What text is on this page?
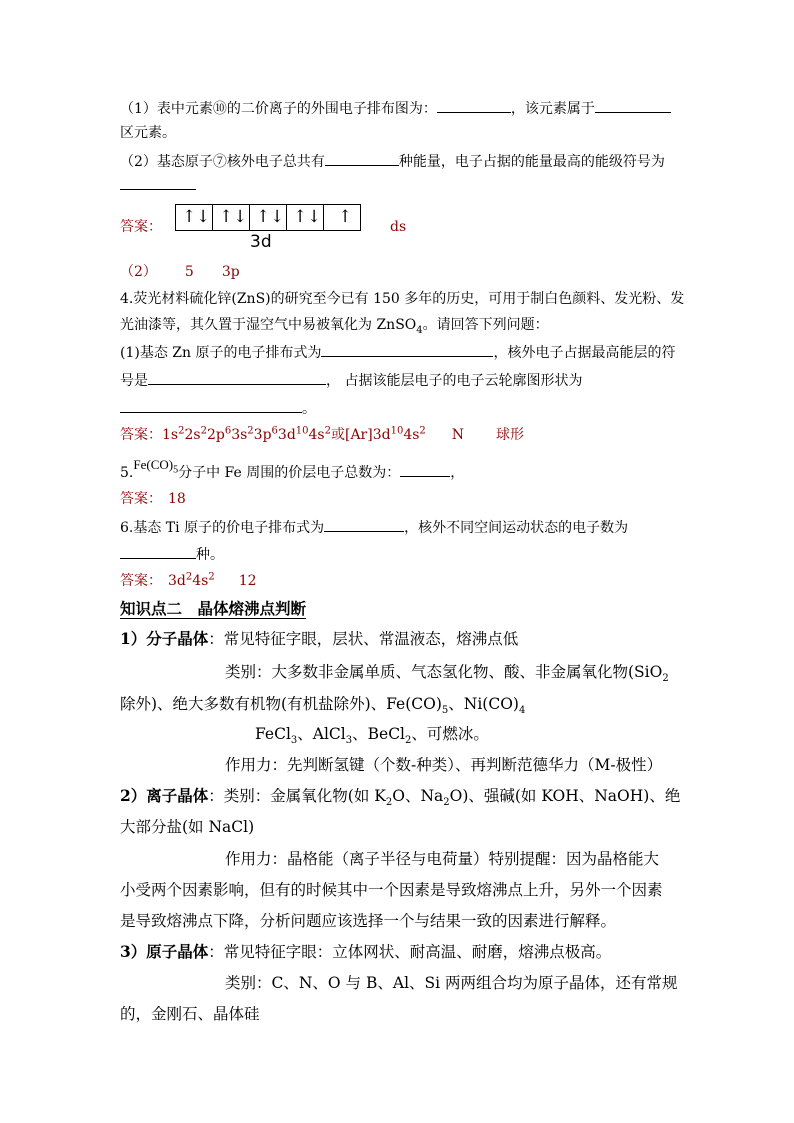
（1）表中元素⑩的二价离子的外围电子排布图为：	，该元素属于
区元素。
（2）基态原子⑦核外电子总共有	种能量，电子占据的能量最高的能级符号为
答案： ↑ ↓ ↑ ↓ ↑ ↓ ↑ ↓ ↑
3d
ds
（2） 5 3p
4.荧光材料硫化锌(ZnS)的研究至今已有 150 多年的历史，可用于制白色颜料、发光粉、发
光油漆等，其久置于湿空气中易被氧化为 ZnSO$_4$。请回答下列问题：
(1)基态 Zn 原子的电子排布式为	，核外电子占据最高能层的符
号是	， 占据该能层电子的电子云轮廓图形状为
。
答案：$1s^22s^22p^63s^23p^63d^{10}4s^2$或$[Ar]3d^{10}4s^2$ N 球形
$5.Fe(CO)_5$分子中 Fe 周围的价层电子总数为：	，
答案： 18
6.基态 Ti 原子的价电子排布式为	，核外不同空间运动状态的电子数为
种。
答案： $3d^24s^2$ 12
知识点二　晶体熔沸点判断
1）分子晶体：常见特征字眼，层状、常温液态，熔沸点低
类别：大多数非金属单质、气态氢化物、酸、非金属氧化物(SiO$_2$
除外)、绝大多数有机物(有机盐除外)、$Fe(CO)_5$、$Ni(CO)_4$
FeCl$_3$、AlCl$_3$、BeCl$_2$、可燃冰。
作用力：先判断氢键（个数-种类）、再判断范德华力（M-极性）
2）离子晶体：类别：金属氧化物(如 $K_2O$、$Na_2O$)、强碱(如 KOH、NaOH)、绝
大部分盐(如 NaCl)
作用力：晶格能（离子半径与电荷量）特别提醒：因为晶格能大
小受两个因素影响，但有的时候其中一个因素是导致熔沸点上升，另外一个因素
是导致熔沸点下降，分析问题应该选择一个与结果一致的因素进行解释。
3）原子晶体：常见特征字眼：立体网状、耐高温、耐磨，熔沸点极高。
类别：C、N、O 与 B、Al、Si 两两组合均为原子晶体，还有常规
的，金刚石、晶体硅
